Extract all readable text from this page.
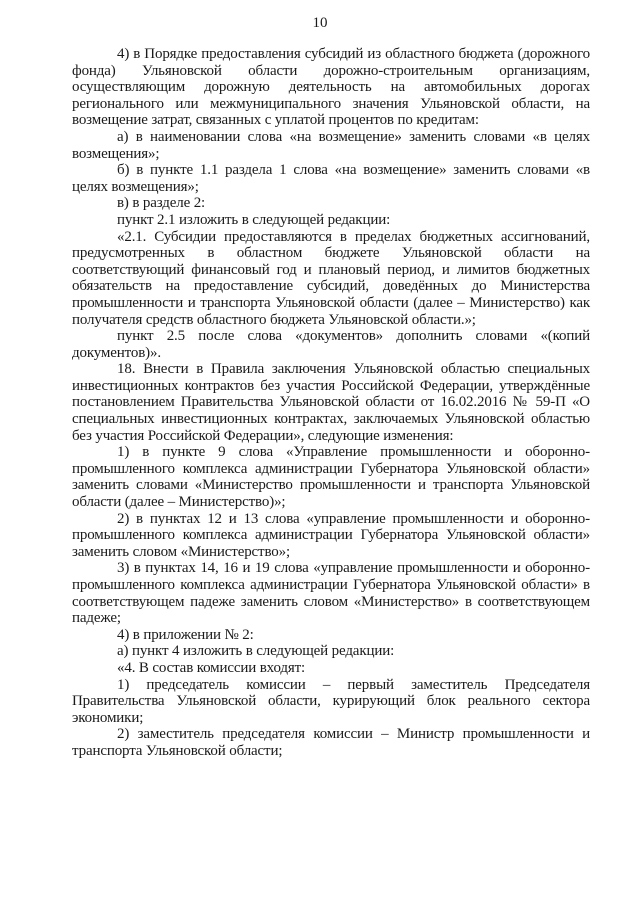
10

4) в Порядке предоставления субсидий из областного бюджета (дорожного фонда) Ульяновской области дорожно-строительным организациям, осуществляющим дорожную деятельность на автомобильных дорогах регионального или межмуниципального значения Ульяновской области, на возмещение затрат, связанных с уплатой процентов по кредитам:

а) в наименовании слова «на возмещение» заменить словами «в целях возмещения»;

б) в пункте 1.1 раздела 1 слова «на возмещение» заменить словами «в целях возмещения»;

в) в разделе 2:

пункт 2.1 изложить в следующей редакции:

«2.1. Субсидии предоставляются в пределах бюджетных ассигнований, предусмотренных в областном бюджете Ульяновской области на соответствующий финансовый год и плановый период, и лимитов бюджетных обязательств на предоставление субсидий, доведённых до Министерства промышленности и транспорта Ульяновской области (далее – Министерство) как получателя средств областного бюджета Ульяновской области.»;

пункт 2.5 после слова «документов» дополнить словами «(копий документов)».

18. Внести в Правила заключения Ульяновской областью специальных инвестиционных контрактов без участия Российской Федерации, утверждённые постановлением Правительства Ульяновской области от 16.02.2016 № 59-П «О специальных инвестиционных контрактах, заключаемых Ульяновской областью без участия Российской Федерации», следующие изменения:

1) в пункте 9 слова «Управление промышленности и оборонно-промышленного комплекса администрации Губернатора Ульяновской области» заменить словами «Министерство промышленности и транспорта Ульяновской области (далее – Министерство)»;

2) в пунктах 12 и 13 слова «управление промышленности и оборонно-промышленного комплекса администрации Губернатора Ульяновской области» заменить словом «Министерство»;

3) в пунктах 14, 16 и 19 слова «управление промышленности и оборонно-промышленного комплекса администрации Губернатора Ульяновской области» в соответствующем падеже заменить словом «Министерство» в соответствующем падеже;

4) в приложении № 2:

а) пункт 4 изложить в следующей редакции:

«4. В состав комиссии входят:

1) председатель комиссии – первый заместитель Председателя Правительства Ульяновской области, курирующий блок реального сектора экономики;

2) заместитель председателя комиссии – Министр промышленности и транспорта Ульяновской области;
